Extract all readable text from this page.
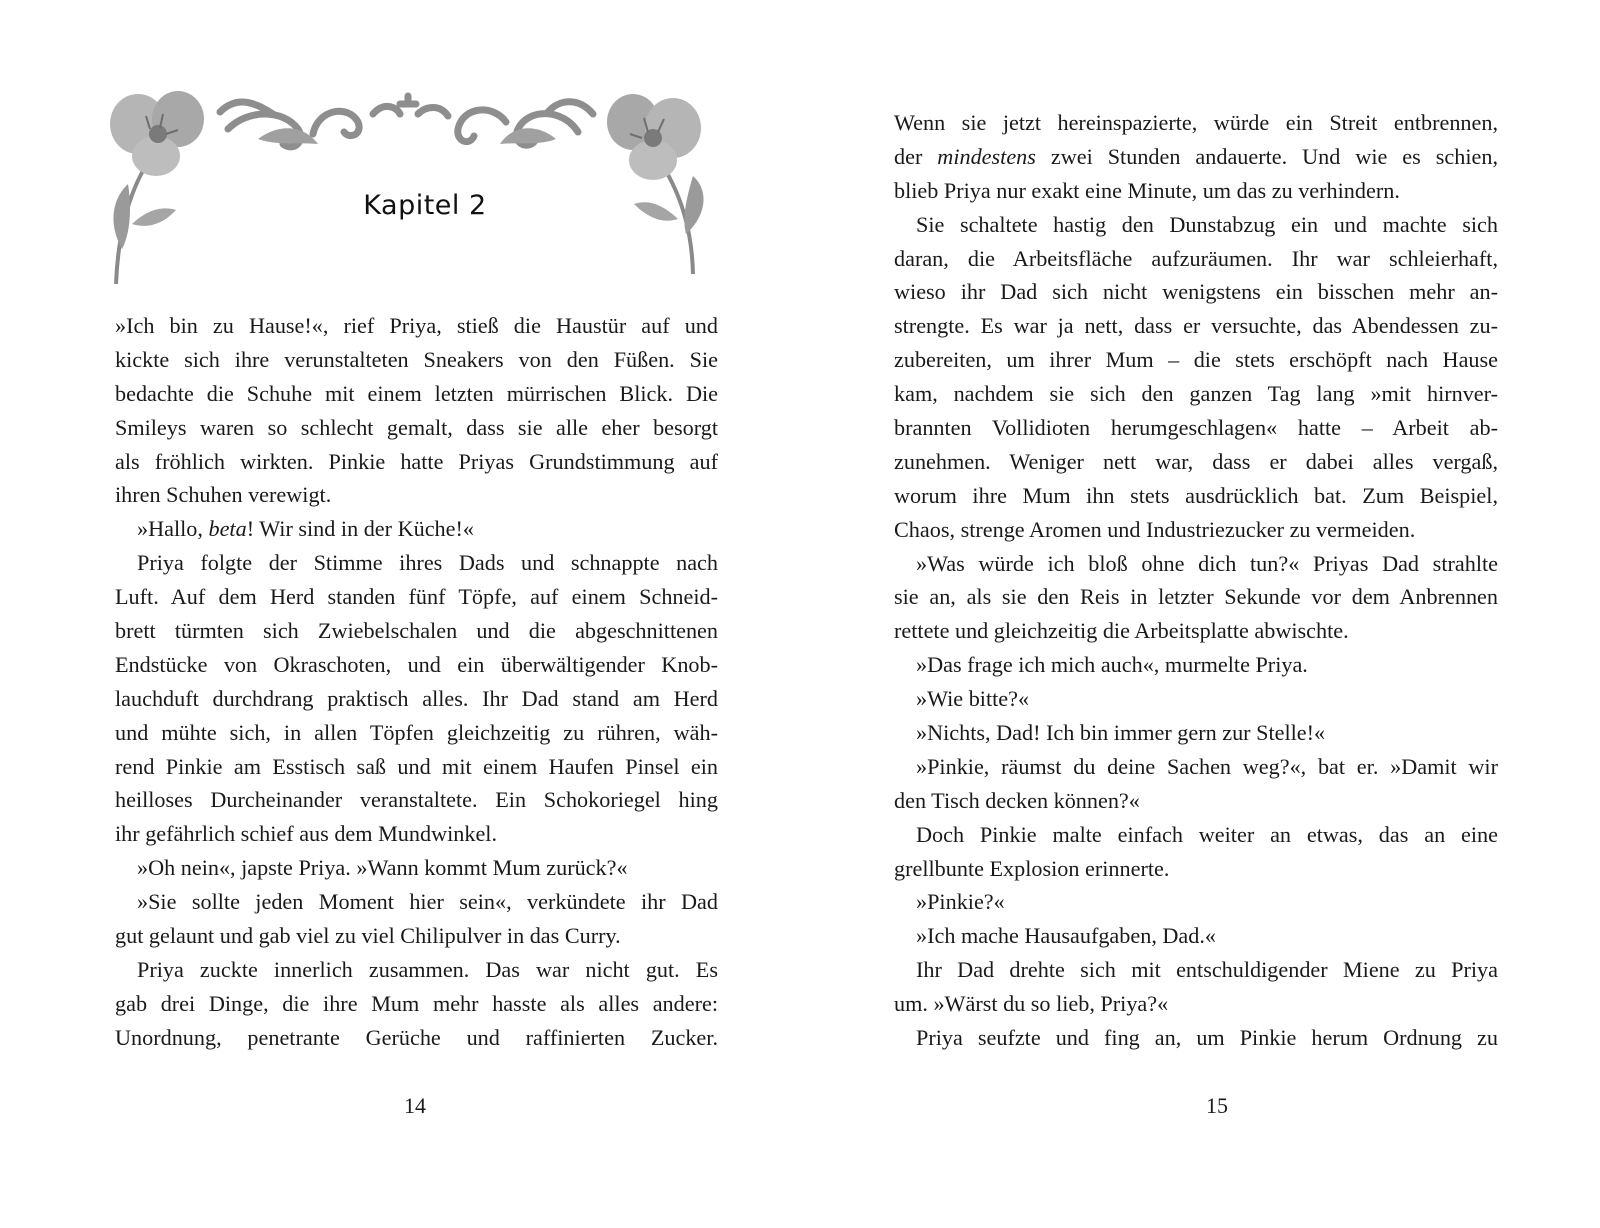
Kapitel 2
»Ich bin zu Hause!«, rief Priya, stieß die Haustür auf und
kickte sich ihre verunstalteten Sneakers von den Füßen. Sie
bedachte die Schuhe mit einem letzten mürrischen Blick. Die
Smileys waren so schlecht gemalt, dass sie alle eher besorgt
als fröhlich wirkten. Pinkie hatte Priyas Grundstimmung auf
ihren Schuhen verewigt.
»Hallo, beta! Wir sind in der Küche!«
Priya folgte der Stimme ihres Dads und schnappte nach
Luft. Auf dem Herd standen fünf Töpfe, auf einem Schneid-
brett türmten sich Zwiebelschalen und die abgeschnittenen
Endstücke von Okraschoten, und ein überwältigender Knob-
lauchduft durchdrang praktisch alles. Ihr Dad stand am Herd
und mühte sich, in allen Töpfen gleichzeitig zu rühren, wäh-
rend Pinkie am Esstisch saß und mit einem Haufen Pinsel ein
heilloses Durcheinander veranstaltete. Ein Schokoriegel hing
ihr gefährlich schief aus dem Mundwinkel.
»Oh nein«, japste Priya. »Wann kommt Mum zurück?«
»Sie sollte jeden Moment hier sein«, verkündete ihr Dad
gut gelaunt und gab viel zu viel Chilipulver in das Curry.
Priya zuckte innerlich zusammen. Das war nicht gut. Es
gab drei Dinge, die ihre Mum mehr hasste als alles andere:
Unordnung, penetrante Gerüche und raffinierten Zucker.

14

Wenn sie jetzt hereinspazierte, würde ein Streit entbrennen,
der mindestens zwei Stunden andauerte. Und wie es schien,
blieb Priya nur exakt eine Minute, um das zu verhindern.
Sie schaltete hastig den Dunstabzug ein und machte sich
daran, die Arbeitsfläche aufzuräumen. Ihr war schleierhaft,
wieso ihr Dad sich nicht wenigstens ein bisschen mehr an-
strengte. Es war ja nett, dass er versuchte, das Abendessen zu-
zubereiten, um ihrer Mum – die stets erschöpft nach Hause
kam, nachdem sie sich den ganzen Tag lang »mit hirnver-
brannten Vollidioten herumgeschlagen« hatte – Arbeit ab-
zunehmen. Weniger nett war, dass er dabei alles vergaß,
worum ihre Mum ihn stets ausdrücklich bat. Zum Beispiel,
Chaos, strenge Aromen und Industriezucker zu vermeiden.
»Was würde ich bloß ohne dich tun?« Priyas Dad strahlte
sie an, als sie den Reis in letzter Sekunde vor dem Anbrennen
rettete und gleichzeitig die Arbeitsplatte abwischte.
»Das frage ich mich auch«, murmelte Priya.
»Wie bitte?«
»Nichts, Dad! Ich bin immer gern zur Stelle!«
»Pinkie, räumst du deine Sachen weg?«, bat er. »Damit wir
den Tisch decken können?«
Doch Pinkie malte einfach weiter an etwas, das an eine
grellbunte Explosion erinnerte.
»Pinkie?«
»Ich mache Hausaufgaben, Dad.«
Ihr Dad drehte sich mit entschuldigender Miene zu Priya
um. »Wärst du so lieb, Priya?«
Priya seufzte und fing an, um Pinkie herum Ordnung zu

15
